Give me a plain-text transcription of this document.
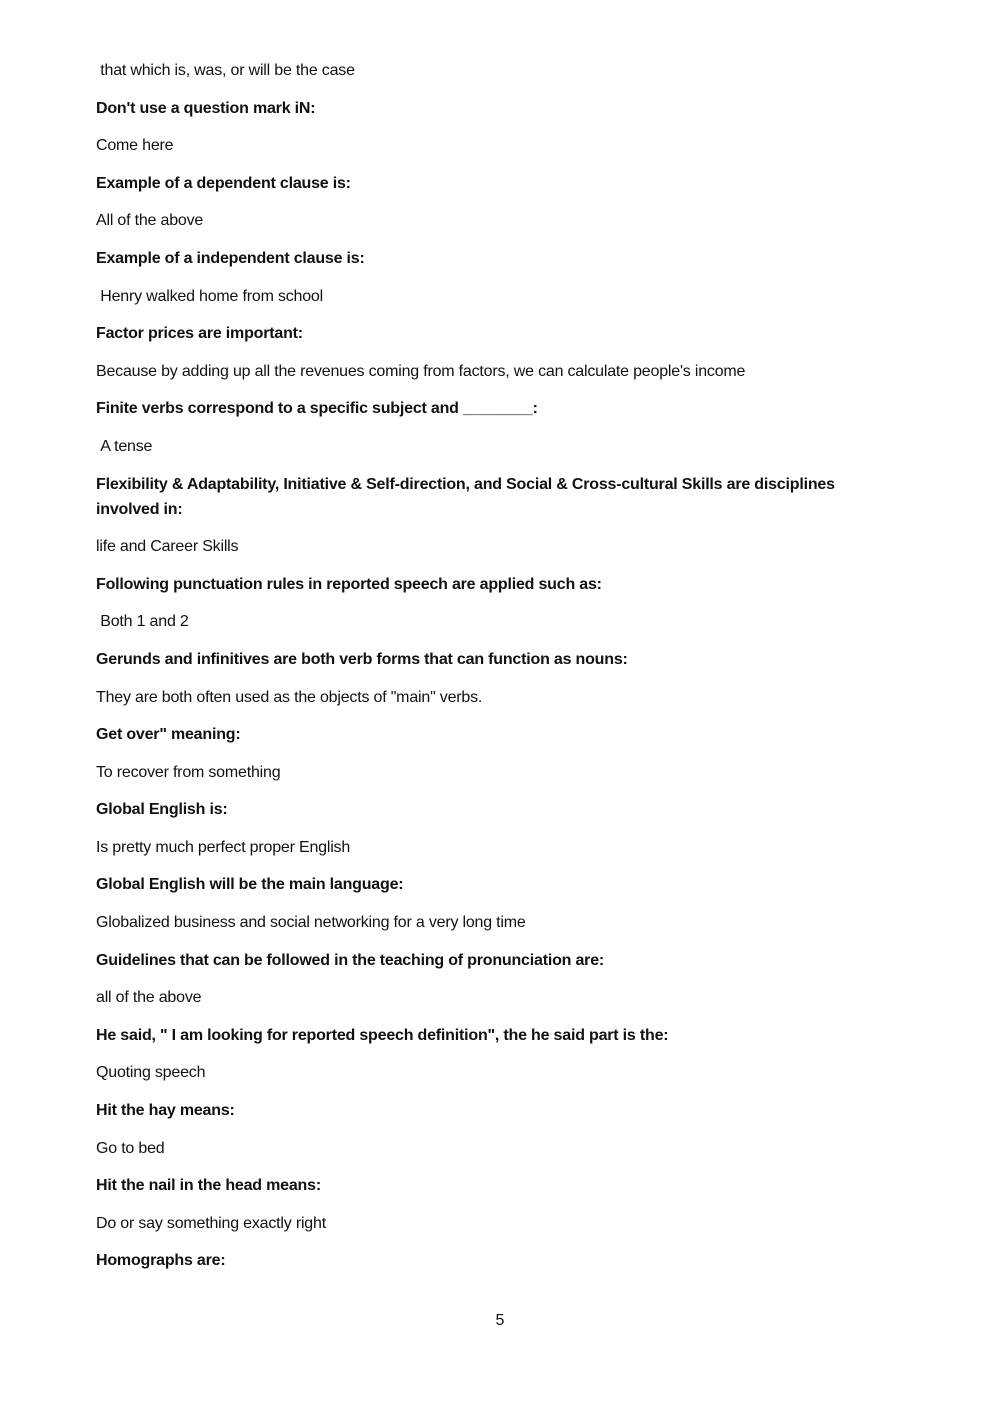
that which is, was, or will be the case
Don't use a question mark iN:
Come here
Example of a dependent clause is:
All of the above
Example of a independent clause is:
Henry walked home from school
Factor prices are important:
Because by adding up all the revenues coming from factors, we can calculate people's income
Finite verbs correspond to a specific subject and ________:
A tense
Flexibility & Adaptability, Initiative & Self-direction, and Social & Cross-cultural Skills are disciplines involved in:
life and Career Skills
Following punctuation rules in reported speech are applied such as:
Both 1 and 2
Gerunds and infinitives are both verb forms that can function as nouns:
They are both often used as the objects of "main" verbs.
Get over" meaning:
To recover from something
Global English is:
Is pretty much perfect proper English
Global English will be the main language:
Globalized business and social networking for a very long time
Guidelines that can be followed in the teaching of pronunciation are:
all of the above
He said, " I am looking for reported speech definition", the he said part is the:
Quoting speech
Hit the hay means:
Go to bed
Hit the nail in the head means:
Do or say something exactly right
Homographs are:
5
